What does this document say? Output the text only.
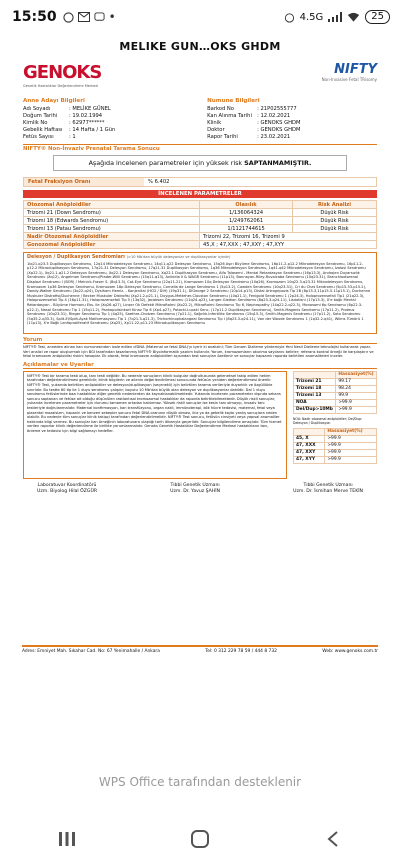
15:50	•	4.5G	25
MELIKE GUN…OKS GHDM
GENOKS
Genetik Hastalıklar Değerlendirme Merkezi
NIFTY
Non-Invasive Fetal TRisomy
Anne Adayı Bilgileri
Adı Soyadı	: MELİKE GÜNEL
Doğum Tarihi	: 19.02.1994
Kimlik No	: 62977******
Gebelik Haftası	: 14 Hafta / 1 Gün
Fetüs Sayısı	: 1
Numune Bilgileri
Barkod No	: 21P02555777
Kan Alınma Tarihi : 12.02.2021
Klinik	: GENOKS GHDM
Doktor	: GENOKS GHDM
Rapor Tarihi	: 23.02.2021
NIFTY® Non-İnvaziv Prenatal Tarama Sonucu
Aşağıda incelenen parametreler için yüksek risk SAPTANMAMIŞTIR.
Fetal Fraksiyon Oranı	% 6.402
İNCELENEN PARAMETRELER
Otozomal Anöploidiler	Olasılık	Risk Analizi
Trizomi 21 (Down Sendromu)	1/136064324	Düşük Risk
Trizomi 18 (Edwards Sendromu)	1/249762061	Düşük Risk
Trizomi 13 (Patau Sendromu)	1/1121744615	Düşük Risk
Nadir Otozomal Anöploidiler	Trizomi 22, Trizomi 16, Trizomi 9	
Gonozomal Anöploidiler	45,X ; 47,XXX ; 47,XXY ; 47,XYY	
Delesyon / Duplikasyon Sendromları (>10 Mb'dan büyük delesyonlar ve duplikasyonlar içindir)
1lq21.q23.3 Duplikasyon Sendromu, 12q14 Mikrodelesyon Sendromu, 14q11-q22 Delesyon Sendromu, 15q26 Aşırı Büyüme Sendromu, 16p11.2-p12.2 Mikrodelesyon Sendromu, 16p11.2-p12.2 Mikroduplikasyon Sendromu, 17q21.31 Delesyon Sendromu, 17q21.31 Duplikasyon Sendromu, 1q36 Mikrodelesyon Sendromu, 1q41-q42 Mikrodelesyon Sendromu, İzolasi Sendromu (Xp22.1), Xq21.1-q21.2 Delesyon Sendromu, Xq22.1 Delesyon Sendromu, Xq22.1 Duplikasyon Sendromu, Alfa Talasemi - Mental Retardasyon Sendromu (16p13.3), Androjen Duyarsızlık Sendromu (Xq12), Angelman Sendromu/Prader-Willi Sendromu (15q11-q13), Anikidia II & WAGR Sendromu (11p13), Bannayan-Riley-Ruvalcaba Sendromu (10q23.31), Branchiootorenal Displazi Sendromu I (BOR) / Melnick-Fraser S. (8q13.3), Cat-Eye Sendromu (22q11.21), Kromozom 10q Delesyon Sendromu (10q26), Kromozom 10q22.3-q23.31 Mikrodelesyon Sendromu, Kromozom 1p36 Delesyon Sendromu, Kromozom 18p Delesyon Sendromu, Cornelia de Lange Sendromu 1 (5p13.2), Cowden Sendromu (10q23.31), Cri du Chat Sendromu (5p15.33-p15.2), Dandy-Walker Sendromu (3q22-q24), Dysiham Hemiz. - Konjenital (HCD / DiH) (19p31.1), DiGeorge 2 Sendromu (10p14-p13), Distal Artrogripozis Tip 2B (8p13.3,11p15.5-11p15.1), Duchenne Muskuler Distrofisi/Duchenne / Becker Muskuler Distrofisi (Xp21.2-p21.1), Duygus-Metteher-Clouston Sendromu (10q21.1), Fenigold Sendromu 1 (2p24.3), Holoprozensefali Tip1 (21q22.3), Holoprozensefali Tip 4 (16p11.31), Holoprozensefali Tip 5 (13q32), Jacobsen Sendromu (11q24-q23), Langer-Giedion Sendromu (8q23.3-q24.11), Lisdotisni (17p13.3), X'e bağlı Mental Retardasyon - Büyüme Hormonu Eks. ile (Xq26-q27), Linser Ok Defekti Mikroftalmi (Xp22.2), Mikroftalmi Sendromu Tip 6, Nephropathy (14q22.2-q22.3), Monosomi 6p Sendromu (6p22.3-p22.1), Nasal Sendromu Tip 1 (15q11.2), Pankopolisinkart Kinaz Tip 6 (Xp4-p27), Potocki-Lupski Senc. (17p11.2 Duplikasyon Sendromu), Smith-Magenis Sendromu (17p11.2), Proteus Sendromu (10q23.31), Rieger Sendromu Tip 1 (4q25), Saethre-Chotzen Sendromu (7p21.1), Sağırlık-İnfertilite Sendromu (15q15.3), Smith-Magenis Sendromu (17p11.2), Soto Sendromu (5q35.2-q35.3), Split-El/Split-Ayak Malformasyonu Tip 1 (7q21.3-q21.3), Trichorhinophalangeal Sendromu Tip I (8q23.3-q24.11), Van der Woude Sendromu 1 (1q32.2-q41), Wilms Tümörü 1 (11p13), X'e Bağlı Lenfoproliferatif Sendromu (Xq25), Xp11.22-p11.23 Mikroduplikasyon Sendromu
Yorum
NIFTY® Test, anneden alınan kan numunesinden izole edilen cfDNA (Maternal ve fetal DNA)'yı içerir ki analizini; Tüm Genom Dizileme yöntemiyle Yeni Nesil Dizileme teknolojisi kullanarak yapar. Veri analizi ve rapor oluşturmak için BGI tarafından tasarlanmış NIFTY® Biyoinformatik yazılım kullanılır. Yorum, kromozomların okunma sayılarını belirler; referans kontrol örneği ile karşılaştırır ve fetal kromozom anöploidisi riskini hesaplar. Ek olarak, fetal kromozom anöploidileri açısından test sonuçları özetlenir ve sonuçlar kapsamlı raporda belirtilen anomaliteleri inceler.
Açıklamalar ve Uyarılar
NIFTY® Test bir tarama testi olup, tanı testi değildir. Bu nedenle sonuçların klinik bulgular doğrultusunda geleneksel takip edilen hekim tarafından değerlendirilmesi gereklidir; klinik bilgilerin ve ailenin değerlendirilmesi sonucunda fetüsün yeniden değerlendirmesi önerilir. NIFTY® Test, yukarıda belirtilen anöploidiler ve delesyon/duplikasyon (seçenekli) için belirtilen tarama verileriyle duyarlılık ve özgüllükle sınırlıdır. Bu testte 60 tip ile 1 duyu sendromu çalışılır; boyutu 10 Mb'dan büyük olan delesyon ve duplikasyonlar dahildir. Dal 1 duyu sendromu fetüslerinde bazı hastalıklar diğer genetik nedenlerden da kaynaklanabilmektedir. Yukarıda incelenen parametreler dışında sekans sonucu saptanan ve fetüse ait olduğu düşünülen rastlantısal kromozomal hastalıklar da raporda belirtilebilmektedir. Düşük riskli sonuçlar, yukarıda incelenen parametreler için durumu tamamen ortadan kaldırmaz. Yüksek riskli sonuçlar ise kesin tanı olmayıp, invaziv tanı testleriyle doğrulanmalıdır. Maternal konfirmasyon, kan transfüzyonu, organ nakli, immünoterapi, kök hücre tedavisi, maternal, fetal veya plasental mozaisizm, hapanin ve benzeri sebepler sonucu fetal DNA oranının düşük olması, ikiz ya da gebelik kaybı yanlış sonuçlara neden olabilir. Bu nedenle tüm sonuçlar klinik takipçi tarafından değerlendirilmelidir. NIFTY® Test sonucu, fetüsün cinsiyeti veya yapısal anomaliler hakkında bilgi vermez. Bu sonuçlar kan örneğinin laboratuvara ulaştığı tarih itibarıyla geçerlidir. Sonuçlar bilgilendirme amaçlıdır. Tüm hizmet verilen raporlar klinik değerlendirme ile birlikte yorumlanmalıdır. Genoks Genetik Hastalıklar Değerlendirme Merkezi hastalıkların tanı, önleme ve tedavisi için bilgi sağlamayı hedefler.
	Hassasiyet(%)
Trizomi 21	99.17
Trizomi 18	98.24
Trizomi 13	99.9
NOA	>99.9
Del/Dup>10Mb	>99.9
NOA: Nadir otozomal anöploidiler; Del/Dup: Delesyon / Duplikasyon
	Hassasiyet(%)
45, X	>99.9
47, XXX	>99.9
47, XXY	>99.9
47, XYY	>99.9
Laboratuvar Koordinatörü
Uzm. Biyolog Hilal ÖZGÜR
Tıbbi Genetik Uzmanı
Uzm. Dr. Yavuz ŞAHİN
Tıbbi Genetik Uzmanı
Uzm. Dr. İsmihan Merve TEKİN
Adres: Emniyet Mah. Sıkahar Cad. No: 67 Yenimahalle / Ankara	Tel: 0 312 229 78 59 / 444 8 732	Web: www.genoks.com.tr
WPS Office tarafından desteklenir
